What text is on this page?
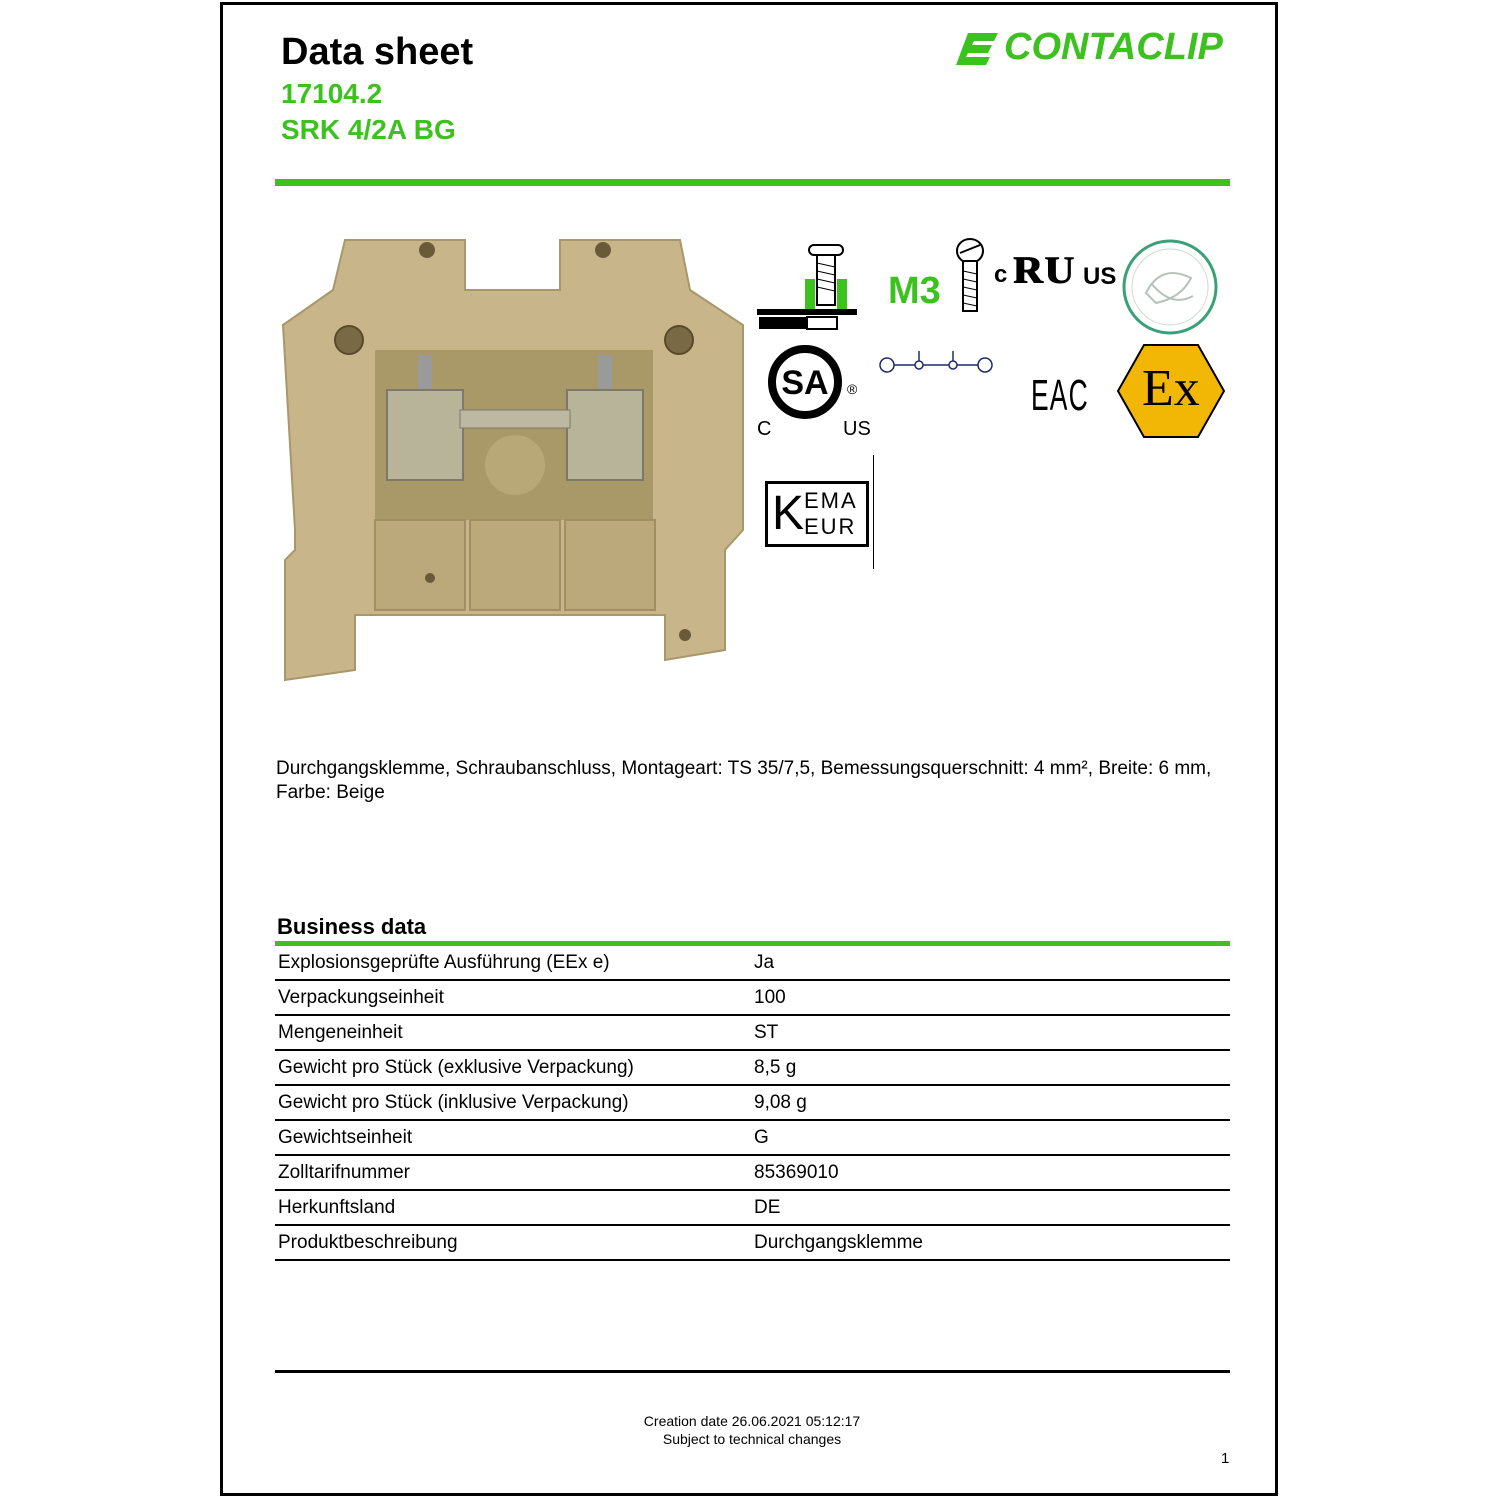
Data sheet
17104.2
SRK 4/2A BG
CONTACLIP
M3 c ʀᴜ US
SA ®
C	US
EAC Ex
K EMA
EUR
Durchgangsklemme, Schraubanschluss, Montageart: TS 35/7,5, Bemessungsquerschnitt: 4 mm², Breite: 6 mm, Farbe: Beige
Business data
Explosionsgeprüfte Ausführung (EEx e)	Ja
Verpackungseinheit	100
Mengeneinheit	ST
Gewicht pro Stück (exklusive Verpackung)	8,5 g
Gewicht pro Stück (inklusive Verpackung)	9,08 g
Gewichtseinheit	G
Zolltarifnummer	85369010
Herkunftsland	DE
Produktbeschreibung	Durchgangsklemme
Creation date 26.06.2021 05:12:17
Subject to technical changes
1
